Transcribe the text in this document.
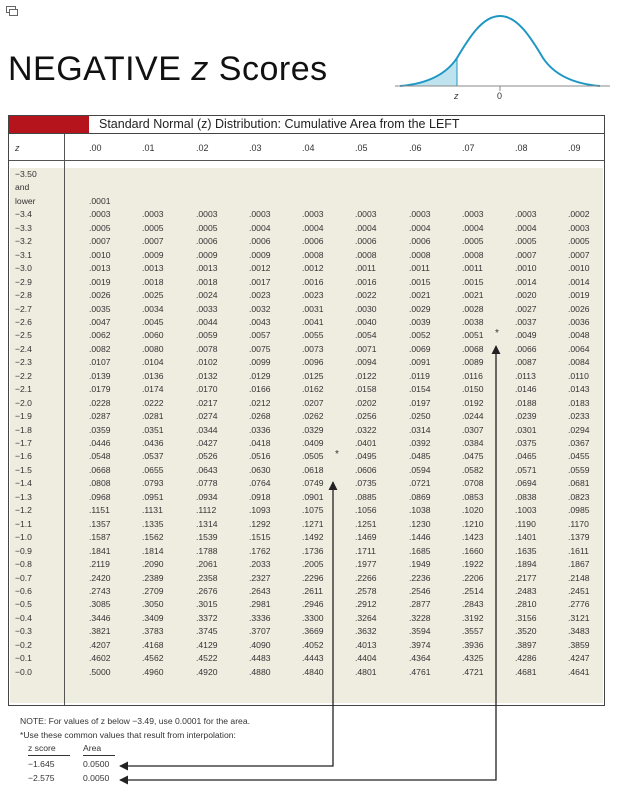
NEGATIVE z Scores
z	0
Standard Normal (z) Distribution: Cumulative Area from the LEFT
z	.00	.01	.02	.03	.04	.05	.06	.07	.08	.09
−3.50
and
lower	.0001
−3.4	.0003	.0003	.0003	.0003	.0003	.0003	.0003	.0003	.0003	.0002
−3.3	.0005	.0005	.0005	.0004	.0004	.0004	.0004	.0004	.0004	.0003
−3.2	.0007	.0007	.0006	.0006	.0006	.0006	.0006	.0005	.0005	.0005
−3.1	.0010	.0009	.0009	.0009	.0008	.0008	.0008	.0008	.0007	.0007
−3.0	.0013	.0013	.0013	.0012	.0012	.0011	.0011	.0011	.0010	.0010
−2.9	.0019	.0018	.0018	.0017	.0016	.0016	.0015	.0015	.0014	.0014
−2.8	.0026	.0025	.0024	.0023	.0023	.0022	.0021	.0021	.0020	.0019
−2.7	.0035	.0034	.0033	.0032	.0031	.0030	.0029	.0028	.0027	.0026
−2.6	.0047	.0045	.0044	.0043	.0041	.0040	.0039	.0038	.0037	.0036
−2.5	.0062	.0060	.0059	.0057	.0055	.0054	.0052	.0051	.0049	.0048
*
−2.4	.0082	.0080	.0078	.0075	.0073	.0071	.0069	.0068	.0066	.0064
−2.3	.0107	.0104	.0102	.0099	.0096	.0094	.0091	.0089	.0087	.0084
−2.2	.0139	.0136	.0132	.0129	.0125	.0122	.0119	.0116	.0113	.0110
−2.1	.0179	.0174	.0170	.0166	.0162	.0158	.0154	.0150	.0146	.0143
−2.0	.0228	.0222	.0217	.0212	.0207	.0202	.0197	.0192	.0188	.0183
−1.9	.0287	.0281	.0274	.0268	.0262	.0256	.0250	.0244	.0239	.0233
−1.8	.0359	.0351	.0344	.0336	.0329	.0322	.0314	.0307	.0301	.0294
−1.7	.0446	.0436	.0427	.0418	.0409	.0401	.0392	.0384	.0375	.0367
−1.6	.0548	.0537	.0526	.0516	.0505	.0495	.0485	.0475	.0465	.0455
*
−1.5	.0668	.0655	.0643	.0630	.0618	.0606	.0594	.0582	.0571	.0559
−1.4	.0808	.0793	.0778	.0764	.0749	.0735	.0721	.0708	.0694	.0681
−1.3	.0968	.0951	.0934	.0918	.0901	.0885	.0869	.0853	.0838	.0823
−1.2	.1151	.1131	.1112	.1093	.1075	.1056	.1038	.1020	.1003	.0985
−1.1	.1357	.1335	.1314	.1292	.1271	.1251	.1230	.1210	.1190	.1170
−1.0	.1587	.1562	.1539	.1515	.1492	.1469	.1446	.1423	.1401	.1379
−0.9	.1841	.1814	.1788	.1762	.1736	.1711	.1685	.1660	.1635	.1611
−0.8	.2119	.2090	.2061	.2033	.2005	.1977	.1949	.1922	.1894	.1867
−0.7	.2420	.2389	.2358	.2327	.2296	.2266	.2236	.2206	.2177	.2148
−0.6	.2743	.2709	.2676	.2643	.2611	.2578	.2546	.2514	.2483	.2451
−0.5	.3085	.3050	.3015	.2981	.2946	.2912	.2877	.2843	.2810	.2776
−0.4	.3446	.3409	.3372	.3336	.3300	.3264	.3228	.3192	.3156	.3121
−0.3	.3821	.3783	.3745	.3707	.3669	.3632	.3594	.3557	.3520	.3483
−0.2	.4207	.4168	.4129	.4090	.4052	.4013	.3974	.3936	.3897	.3859
−0.1	.4602	.4562	.4522	.4483	.4443	.4404	.4364	.4325	.4286	.4247
−0.0	.5000	.4960	.4920	.4880	.4840	.4801	.4761	.4721	.4681	.4641
NOTE: For values of z below −3.49, use 0.0001 for the area.
*Use these common values that result from interpolation:
z score	Area
−1.645	0.0500
−2.575	0.0050
